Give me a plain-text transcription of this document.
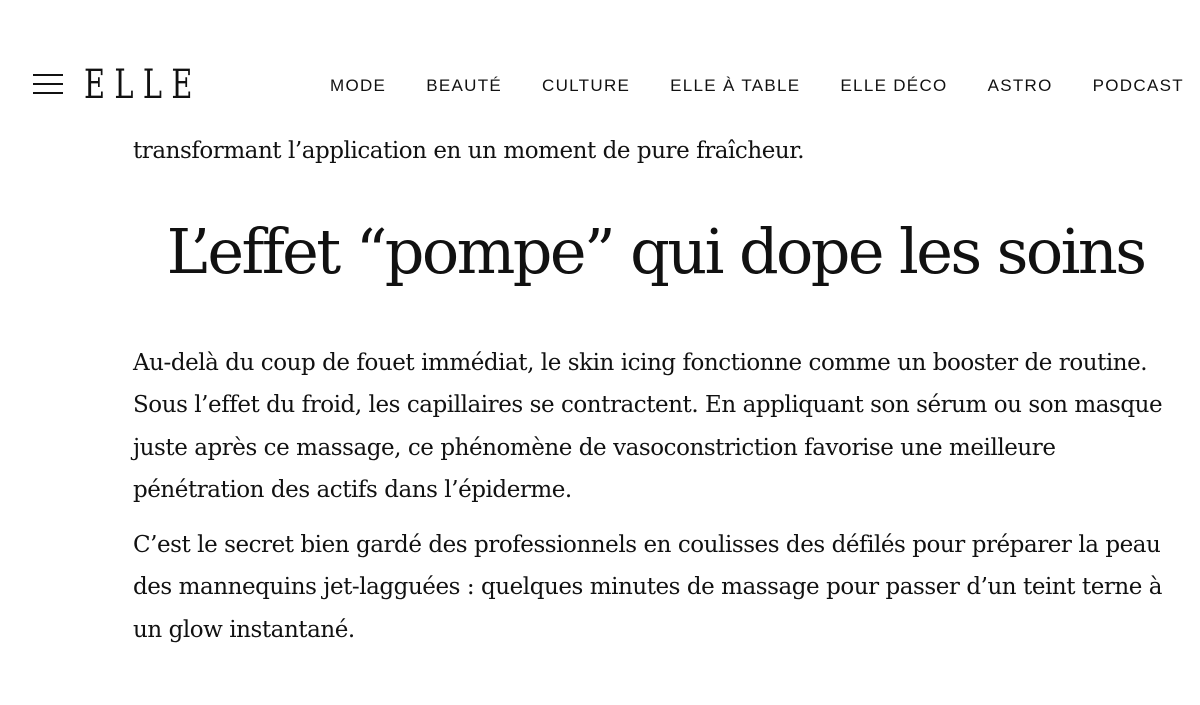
ELLE	MODE	BEAUTÉ	CULTURE	ELLE À TABLE	ELLE DÉCO	ASTRO	PODCAST

transformant l’application en un moment de pure fraîcheur.

L’effet “pompe” qui dope les soins

Au-delà du coup de fouet immédiat, le skin icing fonctionne comme un booster de routine. Sous l’effet du froid, les capillaires se contractent. En appliquant son sérum ou son masque juste après ce massage, ce phénomène de vasoconstriction favorise une meilleure pénétration des actifs dans l’épiderme.

C’est le secret bien gardé des professionnels en coulisses des défilés pour préparer la peau des mannequins jet-lagguées : quelques minutes de massage pour passer d’un teint terne à un glow instantané.
